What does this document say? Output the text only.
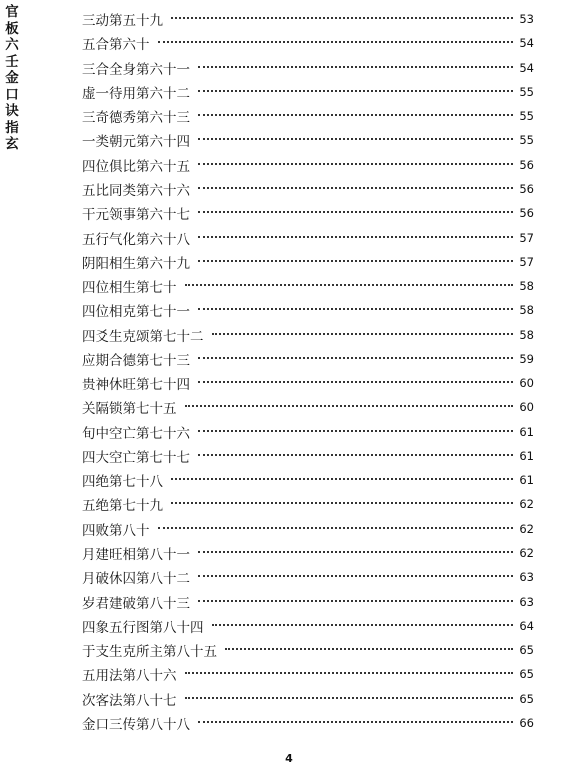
官板六壬金口诀指玄
三动第五十九	53
五合第六十	54
三合全身第六十一	54
虚一待用第六十二	55
三奇德秀第六十三	55
一类朝元第六十四	55
四位俱比第六十五	56
五比同类第六十六	56
干元领事第六十七	56
五行气化第六十八	57
阴阳相生第六十九	57
四位相生第七十	58
四位相克第七十一	58
四爻生克颂第七十二	58
应期合德第七十三	59
贵神休旺第七十四	60
关隔锁第七十五	60
旬中空亡第七十六	61
四大空亡第七十七	61
四绝第七十八	61
五绝第七十九	62
四败第八十	62
月建旺相第八十一	62
月破休囚第八十二	63
岁君建破第八十三	63
四象五行图第八十四	64
于支生克所主第八十五	65
五用法第八十六	65
次客法第八十七	65
金口三传第八十八	66
4
